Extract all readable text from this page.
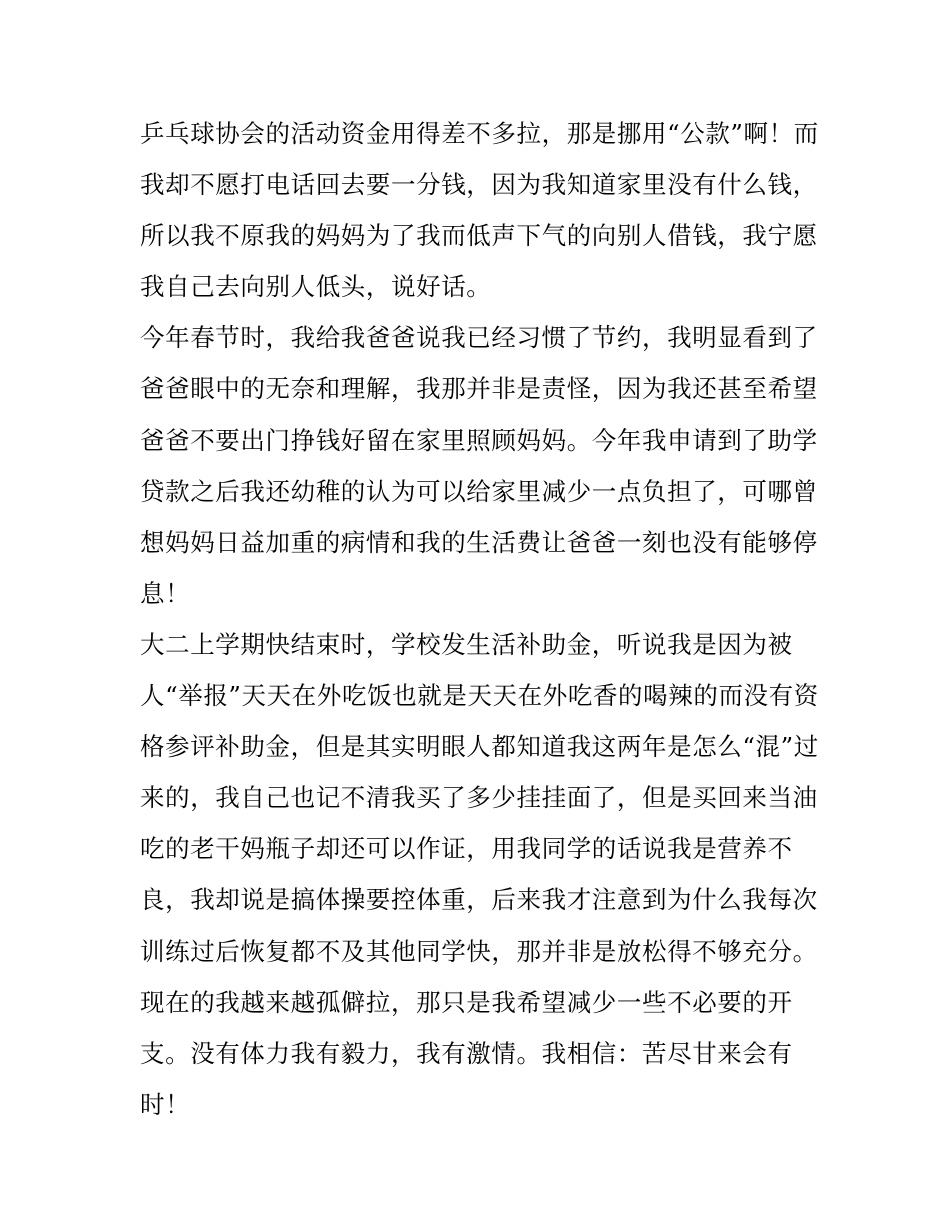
乒乓球协会的活动资金用得差不多拉，那是挪用“公款”啊！而
我却不愿打电话回去要一分钱，因为我知道家里没有什么钱，
所以我不原我的妈妈为了我而低声下气的向别人借钱，我宁愿
我自己去向别人低头，说好话。
今年春节时，我给我爸爸说我已经习惯了节约，我明显看到了
爸爸眼中的无奈和理解，我那并非是责怪，因为我还甚至希望
爸爸不要出门挣钱好留在家里照顾妈妈。今年我申请到了助学
贷款之后我还幼稚的认为可以给家里减少一点负担了，可哪曾
想妈妈日益加重的病情和我的生活费让爸爸一刻也没有能够停
息！
大二上学期快结束时，学校发生活补助金，听说我是因为被
人“举报”天天在外吃饭也就是天天在外吃香的喝辣的而没有资
格参评补助金，但是其实明眼人都知道我这两年是怎么“混”过
来的，我自己也记不清我买了多少挂挂面了，但是买回来当油
吃的老干妈瓶子却还可以作证，用我同学的话说我是营养不
良，我却说是搞体操要控体重，后来我才注意到为什么我每次
训练过后恢复都不及其他同学快，那并非是放松得不够充分。
现在的我越来越孤僻拉，那只是我希望减少一些不必要的开
支。没有体力我有毅力，我有激情。我相信：苦尽甘来会有
时！
